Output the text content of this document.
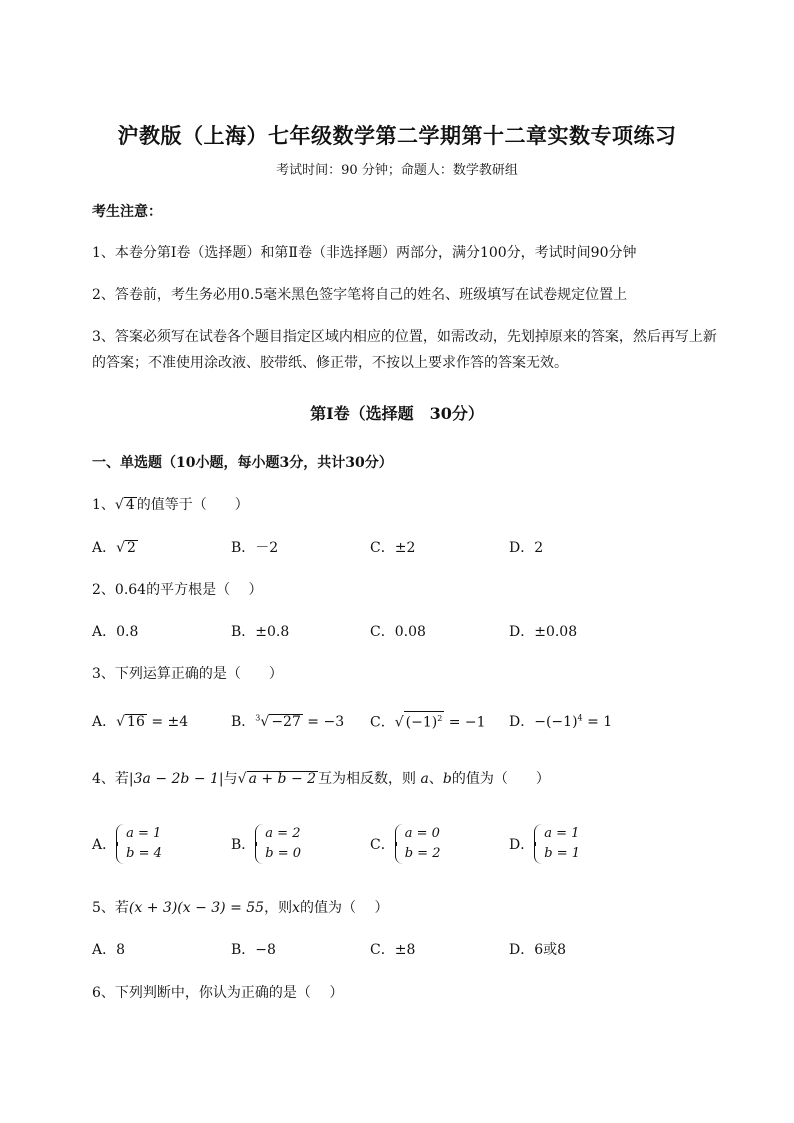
沪教版（上海）七年级数学第二学期第十二章实数专项练习
考试时间：90 分钟；命题人：数学教研组
考生注意：
1、本卷分第Ⅰ卷（选择题）和第Ⅱ卷（非选择题）两部分，满分100分，考试时间90分钟
2、答卷前，考生务必用0.5毫米黑色签字笔将自己的姓名、班级填写在试卷规定位置上
3、答案必须写在试卷各个题目指定区域内相应的位置，如需改动，先划掉原来的答案，然后再写上新
的答案；不准使用涂改液、胶带纸、修正带，不按以上要求作答的答案无效。
第Ⅰ卷（选择题　30分）
一、单选题（10小题，每小题3分，共计30分）
1、√ 4 的值等于（　　）
A．√ 2	B．－2	C．±2	D．2
2、0.64的平方根是（　 ）
A．0.8	B．±0.8	C．0.08	D．±0.08
3、下列运算正确的是（　　）
A．√ 16 = ±4	B．$^3$√ −27 = −3 C．√ $(-1)^2 = -1$ D．$-(-1)^4 = 1$
4、若|3a − 2b − 1|与√ a + b − 2 互为相反数，则 a、b的值为（　　）
A．
a = 1
b = 4
B．
a = 2
b = 0
C．
a = 0
b = 2
D．
a = 1
b = 1
5、若(x + 3)(x − 3) = 55，则x的值为（　 ）
A．8	B．−8	C．±8	D．6或8
6、下列判断中，你认为正确的是（　 ）
